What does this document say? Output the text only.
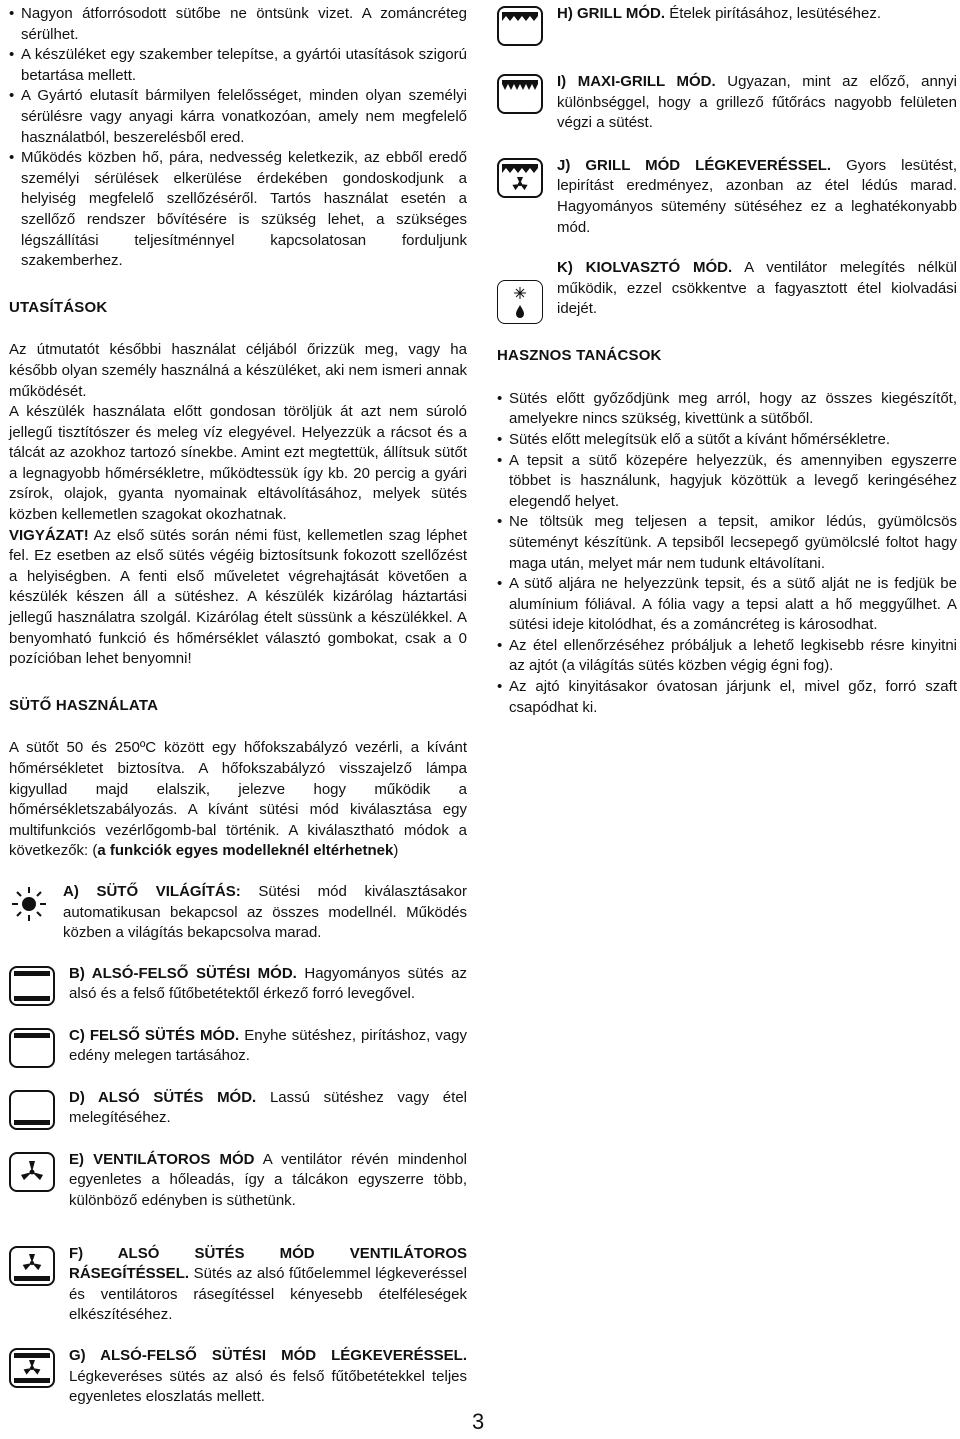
• Nagyon átforrósodott sütőbe ne öntsünk vizet. A zománcréteg sérülhet.
• A készüléket egy szakember telepítse, a gyártói utasítások szigorú betartása mellett.
• A Gyártó elutasít bármilyen felelősséget, minden olyan személyi sérülésre vagy anyagi kárra vonatkozóan, amely nem megfelelő használatból, beszerelésből ered.
• Működés közben hő, pára, nedvesség keletkezik, az ebből eredő személyi sérülések elkerülése érdekében gondoskodjunk a helyiség megfelelő szellőzéséről. Tartós használat esetén a szellőző rendszer bővítésére is szükség lehet, a szükséges légszállítási teljesítménnyel kapcsolatosan forduljunk szakemberhez.
UTASÍTÁSOK

Az útmutatót későbbi használat céljából őrizzük meg, vagy ha később olyan személy használná a készüléket, aki nem ismeri annak működését.

A készülék használata előtt gondosan töröljük át azt nem súroló jellegű tisztítószer és meleg víz elegyével. Helyezzük a rácsot és a tálcát az azokhoz tartozó sínekbe. Amint ezt megtettük, állítsuk sütőt a legnagyobb hőmérsékletre, működtessük így kb. 20 percig a gyári zsírok, olajok, gyanta nyomainak eltávolításához, melyek sütés közben kellemetlen szagokat okozhatnak.
VIGYÁZAT! Az első sütés során némi füst, kellemetlen szag léphet fel. Ez esetben az első sütés végéig biztosítsunk fokozott szellőzést a helyiségben. A fenti első műveletet végrehajtását követően a készülék készen áll a sütéshez. A készülék kizárólag háztartási jellegű használatra szolgál. Kizárólag ételt süssünk a készülékkel. A benyomható funkció és hőmérséklet választó gombokat, csak a 0 pozícióban lehet benyomni!

SÜTŐ HASZNÁLATA

A sütőt 50 és 250ºC között egy hőfokszabályzó vezérli, a kívánt hőmérsékletet biztosítva. A hőfokszabályzó visszajelző lámpa kigyullad majd elalszik, jelezve hogy működik a hőmérsékletszabályozás. A kívánt sütési mód kiválasztása egy multifunkciós vezérlőgomb-bal történik. A kiválasztható módok a következők: (a funkciók egyes modelleknél eltérhetnek)

A) SÜTŐ VILÁGÍTÁS: Sütési mód kiválasztásakor automatikusan bekapcsol az összes modellnél. Működés közben a világítás bekapcsolva marad.
B) ALSÓ-FELSŐ SÜTÉSI MÓD. Hagyományos sütés az alsó és a felső fűtőbetétektől érkező forró levegővel.
C) FELSŐ SÜTÉS MÓD. Enyhe sütéshez, pirításhoz, vagy edény melegen tartásához.
D) ALSÓ SÜTÉS MÓD. Lassú sütéshez vagy étel melegítéséhez.
E) VENTILÁTOROS MÓD A ventilátor révén mindenhol egyenletes a hőleadás, így a tálcákon egyszerre több, különböző edényben is süthetünk.
F) ALSÓ SÜTÉS MÓD VENTILÁTOROS RÁSEGÍTÉSSEL. Sütés az alsó fűtőelemmel légkeveréssel és ventilátoros rásegítéssel kényesebb ételféleségek elkészítéséhez.
G) ALSÓ-FELSŐ SÜTÉSI MÓD LÉGKEVERÉSSEL. Légkeveréses sütés az alsó és felső fűtőbetétekkel teljes egyenletes eloszlatás mellett.
H) GRILL MÓD. Ételek pirításához, lesütéséhez.
I) MAXI-GRILL MÓD. Ugyazan, mint az előző, annyi különbséggel, hogy a grillező fűtőrács nagyobb felületen végzi a sütést.
J) GRILL MÓD LÉGKEVERÉSSEL. Gyors lesütést, lepirítást eredményez, azonban az étel lédús marad. Hagyományos sütemény sütéséhez ez a leghatékonyabb mód.
K) KIOLVASZTÓ MÓD. A ventilátor melegítés nélkül működik, ezzel csökkentve a fagyasztott étel kiolvadási idejét.
HASZNOS TANÁCSOK
• Sütés előtt győződjünk meg arról, hogy az összes kiegészítőt, amelyekre nincs szükség, kivettünk a sütőből.
• Sütés előtt melegítsük elő a sütőt a kívánt hőmérsékletre.
• A tepsit a sütő közepére helyezzük, és amennyiben egyszerre többet is használunk, hagyjuk közöttük a levegő keringéséhez elegendő helyet.
• Ne töltsük meg teljesen a tepsit, amikor lédús, gyümölcsös süteményt készítünk. A tepsiből lecsepegő gyümölcslé foltot hagy maga után, melyet már nem tudunk eltávolítani.
• A sütő aljára ne helyezzünk tepsit, és a sütő alját ne is fedjük be alumínium fóliával. A fólia vagy a tepsi alatt a hő meggyűlhet. A sütési ideje kitolódhat, és a zománcréteg is károsodhat.
• Az étel ellenőrzéséhez próbáljuk a lehető legkisebb résre kinyitni az ajtót (a világítás sütés közben végig égni fog).
• Az ajtó kinyitásakor óvatosan járjunk el, mivel gőz, forró szaft csapódhat ki.
3
